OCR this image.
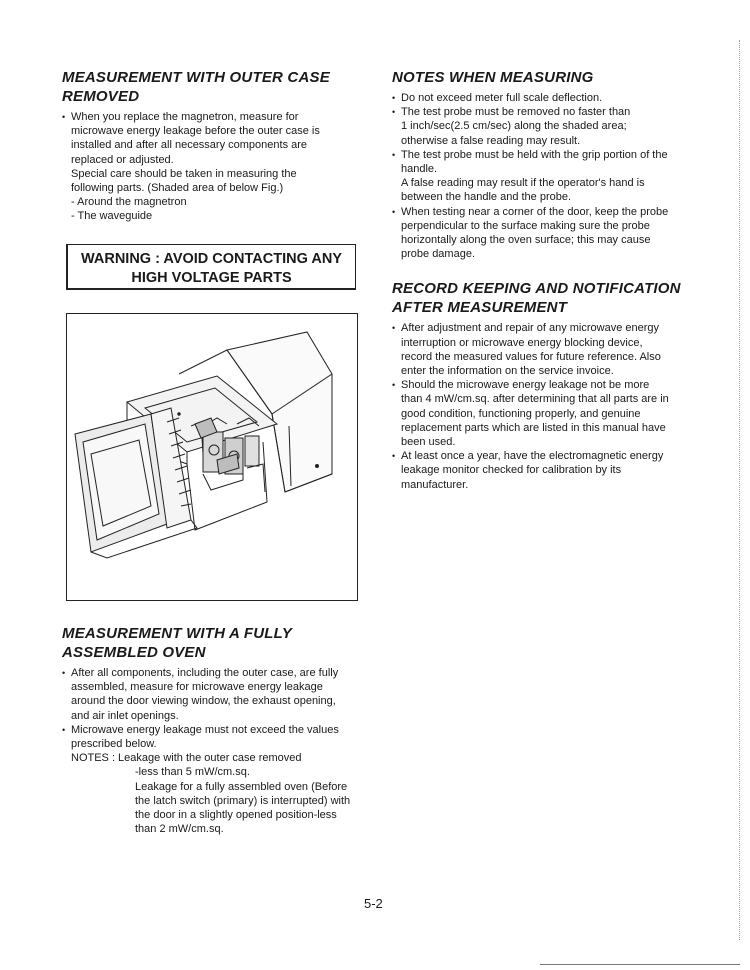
MEASUREMENT WITH OUTER CASE
REMOVED
• When you replace the magnetron, measure for
microwave energy leakage before the outer case is
installed and after all necessary components are
replaced or adjusted.
Special care should be taken in measuring the
following parts. (Shaded area of below Fig.)
- Around the magnetron
- The waveguide
WARNING : AVOID CONTACTING ANY
HIGH VOLTAGE PARTS
NOTES WHEN MEASURING
• Do not exceed meter full scale deflection.
• The test probe must be removed no faster than
1 inch/sec(2.5 cm/sec) along the shaded area;
otherwise a false reading may result.
• The test probe must be held with the grip portion of the
handle.
A false reading may result if the operator's hand is
between the handle and the probe.
• When testing near a corner of the door, keep the probe
perpendicular to the surface making sure the probe
horizontally along the oven surface; this may cause
probe damage.
RECORD KEEPING AND NOTIFICATION
AFTER MEASUREMENT
• After adjustment and repair of any microwave energy
interruption or microwave energy blocking device,
record the measured values for future reference. Also
enter the information on the service invoice.
• Should the microwave energy leakage not be more
than 4 mW/cm.sq. after determining that all parts are in
good condition, functioning properly, and genuine
replacement parts which are listed in this manual have
been used.
• At least once a year, have the electromagnetic energy
leakage monitor checked for calibration by its
manufacturer.
MEASUREMENT WITH A FULLY
ASSEMBLED OVEN
• After all components, including the outer case, are fully
assembled, measure for microwave energy leakage
around the door viewing window, the exhaust opening,
and air inlet openings.
• Microwave energy leakage must not exceed the values
prescribed below.
NOTES : Leakage with the outer case removed
-less than 5 mW/cm.sq.
Leakage for a fully assembled oven (Before
the latch switch (primary) is interrupted) with
the door in a slightly opened position-less
than 2 mW/cm.sq.
5-2
